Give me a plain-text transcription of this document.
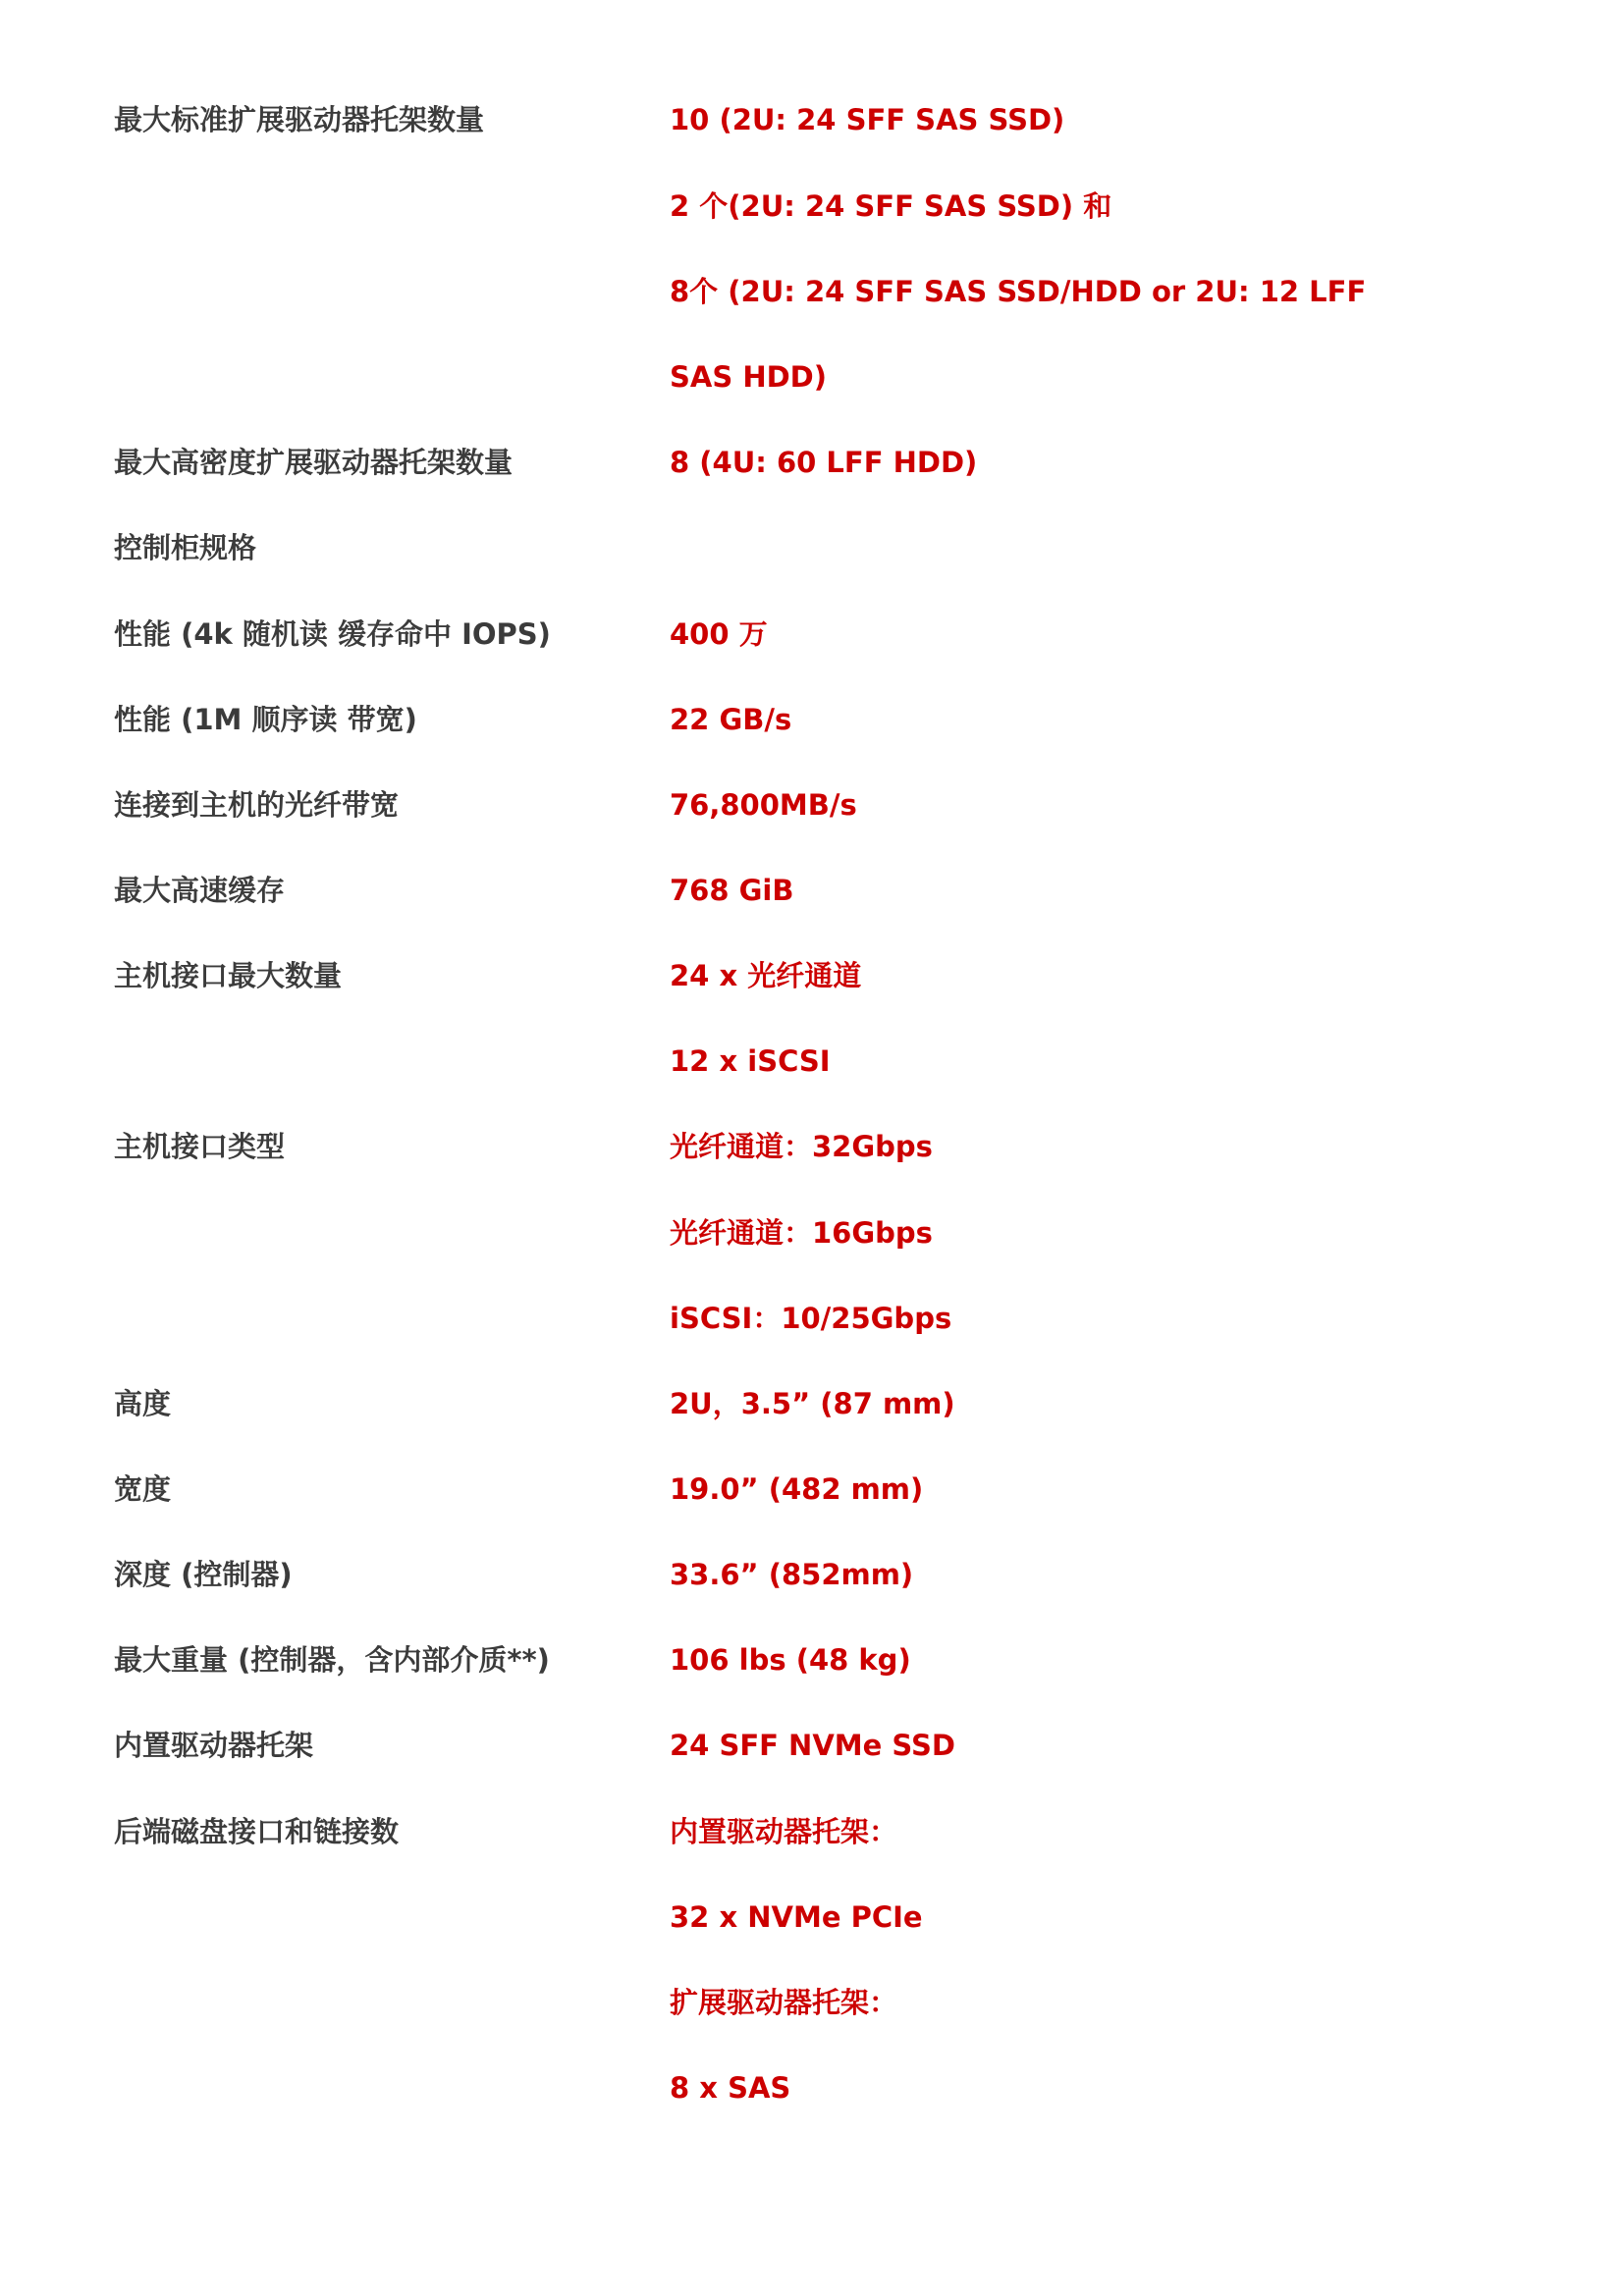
最大标准扩展驱动器托架数量	10 (2U: 24 SFF SAS SSD)
2 个(2U: 24 SFF SAS SSD) 和
8个 (2U: 24 SFF SAS SSD/HDD or 2U: 12 LFF
SAS HDD)
最大高密度扩展驱动器托架数量	8 (4U: 60 LFF HDD)
控制柜规格
性能 (4k 随机读 缓存命中 IOPS)	400 万
性能 (1M 顺序读 带宽)	22 GB/s
连接到主机的光纤带宽	76,800MB/s
最大高速缓存	768 GiB
主机接口最大数量	24 x 光纤通道
12 x iSCSI
主机接口类型	光纤通道：32Gbps
光纤通道：16Gbps
iSCSI：10/25Gbps
高度	2U，3.5” (87 mm)
宽度	19.0” (482 mm)
深度 (控制器)	33.6” (852mm)
最大重量 (控制器，含内部介质**)	106 lbs (48 kg)
内置驱动器托架	24 SFF NVMe SSD
后端磁盘接口和链接数	内置驱动器托架：
32 x NVMe PCIe
扩展驱动器托架：
8 x SAS
